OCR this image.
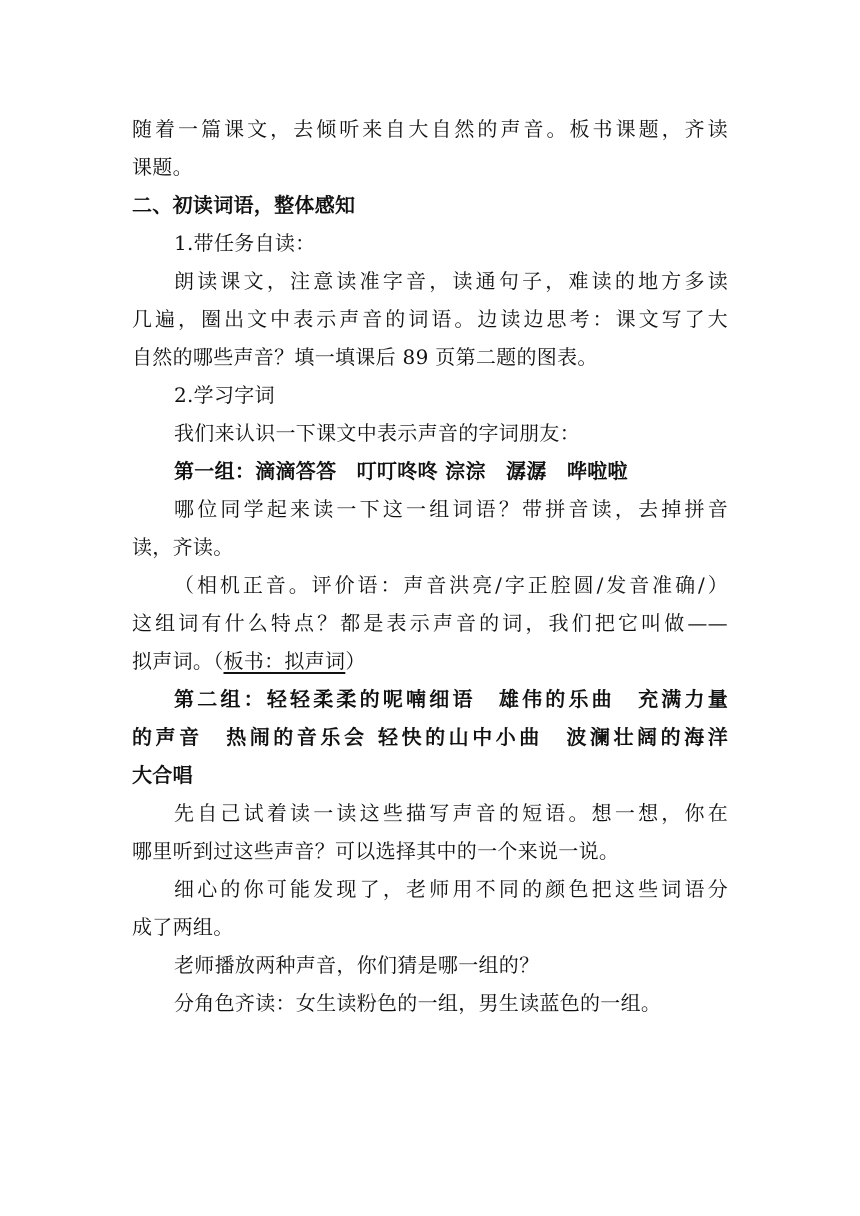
随着一篇课文，去倾听来自大自然的声音。板书课题，齐读
课题。
二、初读词语，整体感知
1.带任务自读：
朗读课文，注意读准字音，读通句子，难读的地方多读
几遍，圈出文中表示声音的词语。边读边思考：课文写了大
自然的哪些声音？填一填课后 89 页第二题的图表。
2.学习字词
我们来认识一下课文中表示声音的字词朋友：
第一组：滴滴答答　叮叮咚咚 淙淙　潺潺　哗啦啦
哪位同学起来读一下这一组词语？带拼音读，去掉拼音
读，齐读。
（相机正音。评价语：声音洪亮/字正腔圆/发音准确/）
这组词有什么特点？都是表示声音的词，我们把它叫做——
拟声词。（板书：拟声词）
第二组：轻轻柔柔的呢喃细语　雄伟的乐曲　充满力量
的声音　热闹的音乐会 轻快的山中小曲　波澜壮阔的海洋
大合唱
先自己试着读一读这些描写声音的短语。想一想，你在
哪里听到过这些声音？可以选择其中的一个来说一说。
细心的你可能发现了，老师用不同的颜色把这些词语分
成了两组。
老师播放两种声音，你们猜是哪一组的？
分角色齐读：女生读粉色的一组，男生读蓝色的一组。
